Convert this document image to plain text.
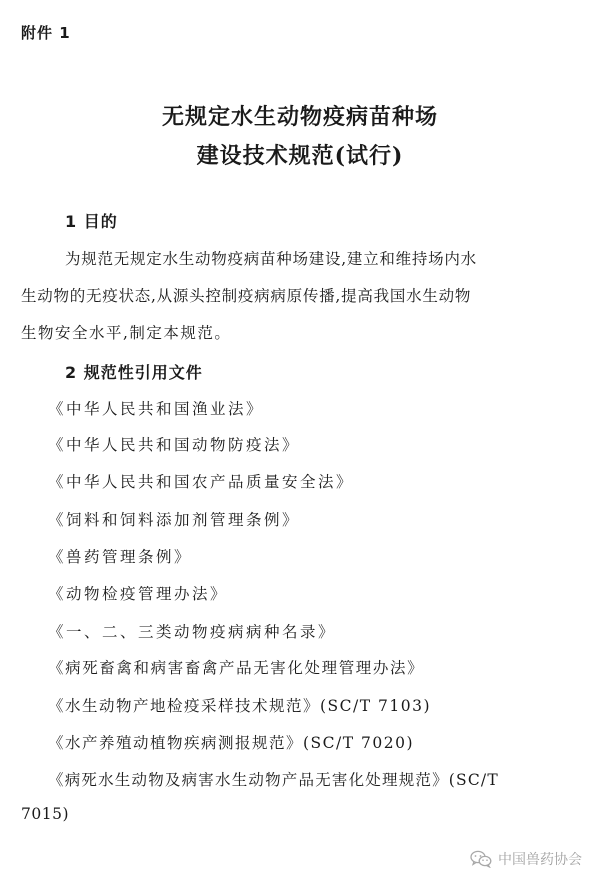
附件 1
无规定水生动物疫病苗种场
建设技术规范(试行)
1 目的
为规范无规定水生动物疫病苗种场建设,建立和维持场内水
生动物的无疫状态,从源头控制疫病病原传播,提高我国水生动物
生物安全水平,制定本规范。
2 规范性引用文件
《中华人民共和国渔业法》
《中华人民共和国动物防疫法》
《中华人民共和国农产品质量安全法》
《饲料和饲料添加剂管理条例》
《兽药管理条例》
《动物检疫管理办法》
《一、二、三类动物疫病病种名录》
《病死畜禽和病害畜禽产品无害化处理管理办法》
《水生动物产地检疫采样技术规范》(SC/T 7103)
《水产养殖动植物疾病测报规范》(SC/T 7020)
《病死水生动物及病害水生动物产品无害化处理规范》(SC/T
7015)
中国兽药协会
